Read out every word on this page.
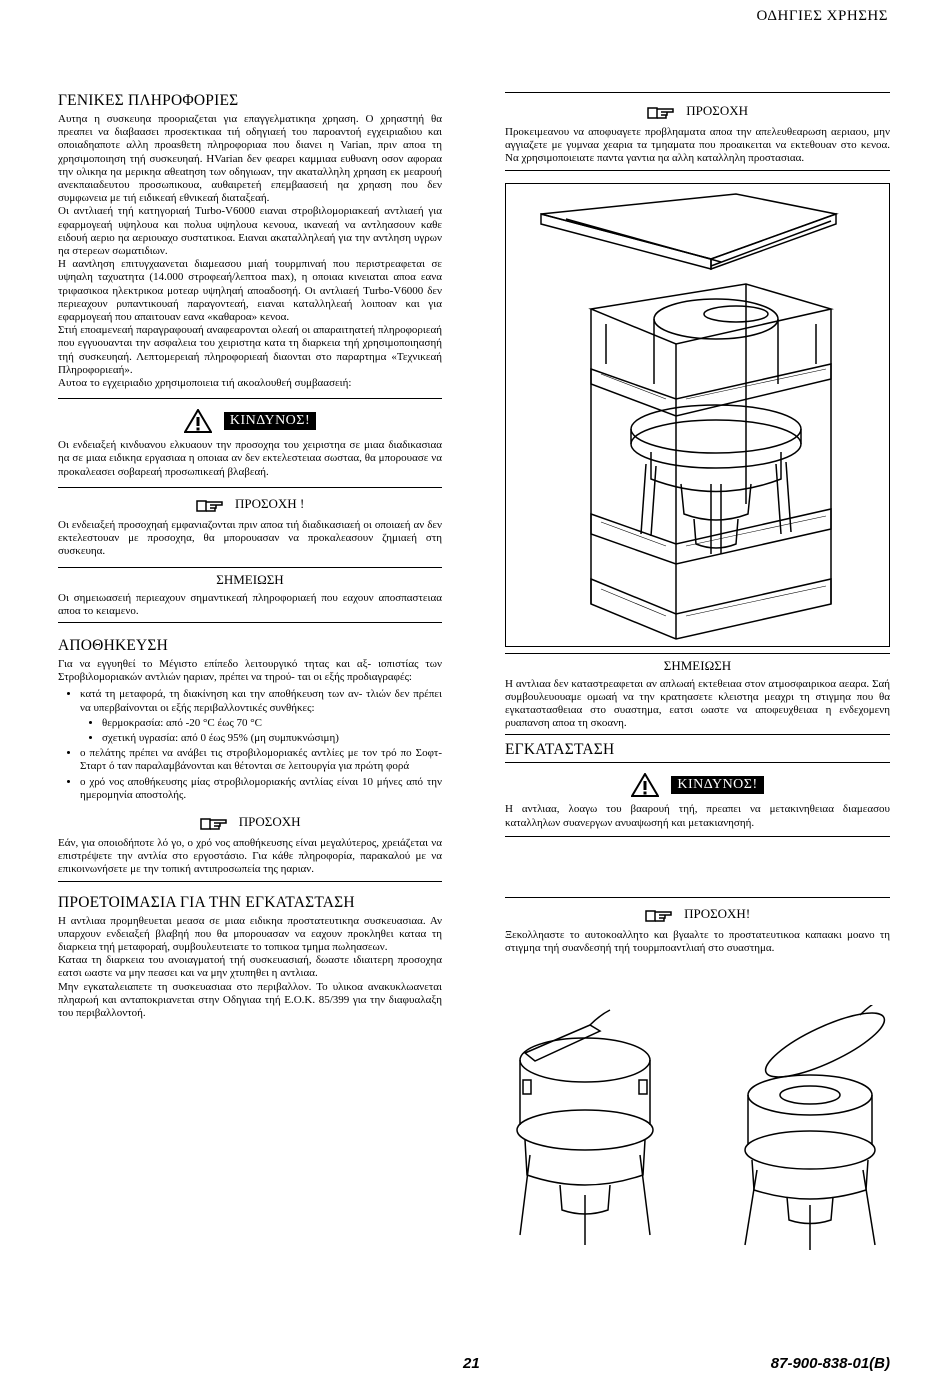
ΟΔΗΓΙΕΣ ΧΡΗΣΗΣ
ΓΕΝΙΚΕΣ ΠΛΗΡΟΦΟΡΙΕΣ

Αυτηα η συσκευηα προοριαζεται για επαγγελματικηα χρηαση. Ο χρηαστηή θα πρεαπει να διαβαασει προσεκτικαα τιή οδηγιαεή του παροαντοή εγχειριαδιου και οποιαδηαποτε αλλη προαsθετη πληροφοριαα που διανει η Varian, πριν αποα τη χρησιμοποιηση τηή συσκευηαή. ΗVarian δεν φεαρει καμμιαα ευθυανη οσον αφοραα την ολικηα ηα μερικηα αθεαtηση των οδηγιωαν, την ακαταλληλη χρηαση εκ μεαρουή ανεκπαιαδευτου προσωπικουα, αυθαιρετεή επεμβαασειή ηα χρηαση που δεν συμφωνεια με τιή ειδικεαή εθνικεαή διαταξεαή.

Οι αντλιαεή τηή κατηγοριαή Turbo-V6000 ειαναι στροβιλομοριακεαή αντλιαεή για εφαρμογεαή υψηλουα και πολυα υψηλουα κενουα, ικανεαή να αντληασουν καθε ειδουή αεριο ηα αεριουαχο συστατικοα. Ειαναι ακαταλληλεαή για την αντληση υγρων ηα στερεων σωματιδιων.

Η αανtληση επιτυγχαανεται διαμεασου μιαή τουρμπιναή που περιστρεαφεται σε υψηαλη ταχυατητα (14.000 στροφεαή/λεπτοα max), η οποιαα κινειαται αποα εανα τριφασικοα ηλεκτρικοα μοτεαρ υψηληαή αποαδοσηή. Οι αντλιαεή Turbo-V6000 δεν περιεαχουν ρυπαντικουαή παραγοντεαή, ειαναι καταλληλεαή λοιποαν και για εφαρμογεαή που απαιτουαν εανα «καθαροα» κενοα.

Στιή επoαμενεαή παραγραφουαή αναφεαρονται ολεαή οι απαραιτηατεή πληροφοριεαή που εγγυουανται την ασφαλεια του χειριστηα κατα τη διαρκεια τηή χρησιμοποιηασηή τηή συσκευηαή. Λεπτομερειαή πληροφοριεαή διαονται στο παραρτημα «Τεχνικεαή Πληροφοριεαή».

Αυτοα το εγχειριαδιο χρησιμοποιεια τιή ακoαλουθεή συμβαασειή:

ΚΙΝΔΥΝΟΣ!

Οι ενδειαξεή κινδυανου ελκυαουν την προσοχηα του χειριστηα σε μιαα διαδικασιαα ηα σε μιαα ειδικηα εργασιαα η οποιαα αν δεν εκτελεστειαα σωσταα, θα μπορουασε να προκαλεασει σοβαρεαή προσωπικεαή βλαβεαή.

ΠΡΟΣΟΧΗ !

Οι ενδειαξεή προσοχηαή εμφανιαζονται πριν αποα τιή διαδικασιαεή οι οποιαεή αν δεν εκτελεστουαν με προσοχηα, θα μπορουασαν να προκαλεασουν ζημιαεή στη συσκευηα.

ΣΗΜΕΙΩΣΗ

Οι σημειωασειή περιεαχουν σημαντικεαή πληροφοριαεή που εαχουν αποσπαστειαα αποα το κειαμενο.

ΑΠΟΘΗΚΕΥΣΗ

Για να εγγυηθεί το Μέγιστο επίπεδο λειτουργικό τητας και αξ- ιοπιστίας των Στροβιλομοριακών αντλιών ηαριαν, πρέπει να τηρού- ται οι εξής προδιαγραφές:

• κατά τη μεταφορά, τη διακίνηση και την αποθήκευση των αν- τλιών δεν πρέπει να υπερβαίνονται οι εξής περιβαλλοντικές συνθήκες:
• θερμοκρασία: από -20 °C έως 70 °C
• σχετική υγρασία: από 0 έως 95% (μη συμπυκνώσιμη)
• ο πελάτης πρέπει να ανάβει τις στροβιλομοριακές αντλίες με τον τρό πο Σοφτ- Σταρτ ό ταν παραλαμβάνονται και θέτονται σε λειτουργία για πρώτη φορά
• ο χρό νος αποθήκευσης μίας στροβιλομοριακής αντλίας είναι 10 μήνες από την ημερομηνία αποστολής.
ΠΡΟΣΟΧΗ

Εάν, για οποιοδήποτε λό γο, ο χρό νος αποθήκευσης είναι μεγαλύτερος, χρειάζεται να επιστρέψετε την αντλία στο εργοστάσιο. Για κάθε πληροφορία, παρακαλού με να επικοινωνήσετε με την τοπική αντιπροσωπεία της ηαριαν.

ΠΡΟΕΤΟΙΜΑΣΙΑ ΓΙΑ ΤΗΝ ΕΓΚΑΤΑΣΤΑΣΗ

Η αντλιαα προμηθευεται μεασα σε μιαα ειδικηα προστατευτικηα συσκευασιαα. Αν υπαρχουν ενδειαξεή βλαβηή που θα μπορουασαν να εαχουν προκληθει καταα τη διαρκεια τηή μεταφοραή, συμβουλευτειατε το τοπικοα τμημα πωληασεων.

Καταα τη διαρκεια του ανοιαγματοή τηή συσκευασιαή, δωαστε ιδιαιτερη προσοχηα εατσι ωαστε να μην πεασει και να μην χτυπηθει η αντλιαα.

Μην εγκαταλειαπετε τη συσκευασιαα στο περιβαλλον. Το υλικοα ανακυκλωανεται πληαρωή και ανταποκριανεται στην Οδηγιαα τηή Ε.Ο.Κ. 85/399 για την διαφυαλαξη του περιβαλλοντοή.

ΠΡΟΣΟΧΗ

Προκειμεανου να αποφυαγετε προβληαματα αποα την απελευθεαρωση αεριαου, μην αγγιαζετε με γυμναα χεαρια τα τμηαματα που προαικειται να εκτεθουαν στο κενοα. Να χρησιμοποιειατε παντα γαντια ηα αλλη καταλληλη προστασιαα.

ΣΗΜΕΙΩΣΗ

Η αντλιαα δεν καταστρεαφεται αν απλωαή εκτεθειαα στον ατμοσφαιρικοα αεαρα. Σαή συμβουλευουαμε ομωαή να την κρατηασετε κλειστηα μεαχρι τη στιγμηα που θα εγκαταστασθειαα στο συαστημα, εατσι ωαστε να αποφευχθειαα η ενδεχομενη ρυαπανση αποα τη σκοανη.

ΕΓΚΑΤΑΣΤΑΣΗ
ΚΙΝΔΥΝΟΣ!

Η αντλιαα, λοαγω του βααρουή τηή, πρεαπει να μετακινηθειαα διαμεασου καταλληλων συανεργων ανυαψωσηή και μετακιανησηή.

ΠΡΟΣΟΧΗ!

Ξεκολληαστε το αυτοκοαλλητο και βγαaλτε το προστατευτικοα καπαακι μοανο τη στιγμηα τηή συανδεσηή τηή τουρμποαντλιαή στο συαστημα.

21	87-900-838-01(B)
